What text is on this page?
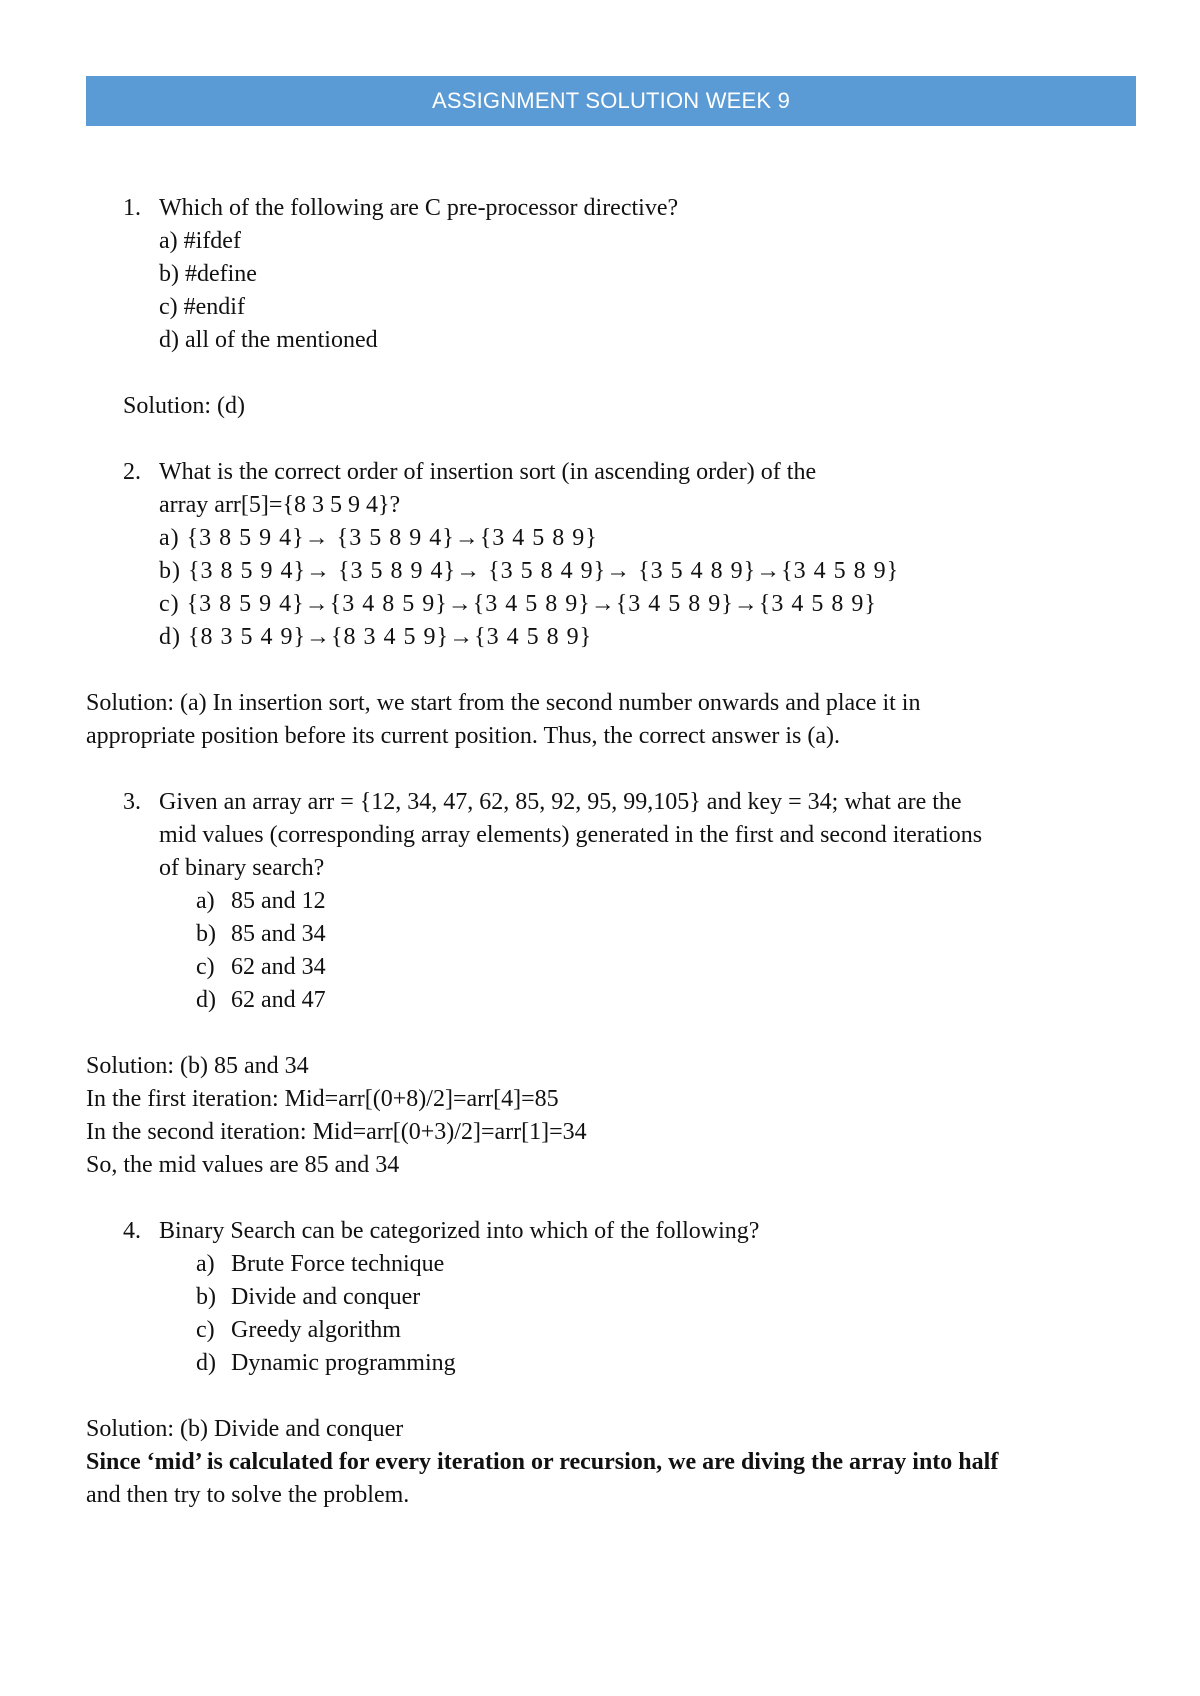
ASSIGNMENT SOLUTION WEEK 9
1. Which of the following are C pre-processor directive?
a) #ifdef
b) #define
c) #endif
d) all of the mentioned
Solution: (d)
2. What is the correct order of insertion sort (in ascending order) of the
array arr[5]={8 3 5 9 4}?
a) {3 8 5 9 4}→ {3 5 8 9 4}→{3 4 5 8 9}
b) {3 8 5 9 4}→ {3 5 8 9 4}→ {3 5 8 4 9}→ {3 5 4 8 9}→{3 4 5 8 9}
c) {3 8 5 9 4}→{3 4 8 5 9}→{3 4 5 8 9}→{3 4 5 8 9}→{3 4 5 8 9}
d) {8 3 5 4 9}→{8 3 4 5 9}→{3 4 5 8 9}
Solution: (a) In insertion sort, we start from the second number onwards and place it in
appropriate position before its current position. Thus, the correct answer is (a).
3. Given an array arr = {12, 34, 47, 62, 85, 92, 95, 99,105} and key = 34; what are the
mid values (corresponding array elements) generated in the first and second iterations
of binary search?
a) 85 and 12
b) 85 and 34
c) 62 and 34
d) 62 and 47
Solution: (b) 85 and 34
In the first iteration: Mid=arr[(0+8)/2]=arr[4]=85
In the second iteration: Mid=arr[(0+3)/2]=arr[1]=34
So, the mid values are 85 and 34
4. Binary Search can be categorized into which of the following?
a) Brute Force technique
b) Divide and conquer
c) Greedy algorithm
d) Dynamic programming
Solution: (b) Divide and conquer
Since ‘mid’ is calculated for every iteration or recursion, we are diving the array into half
and then try to solve the problem.
